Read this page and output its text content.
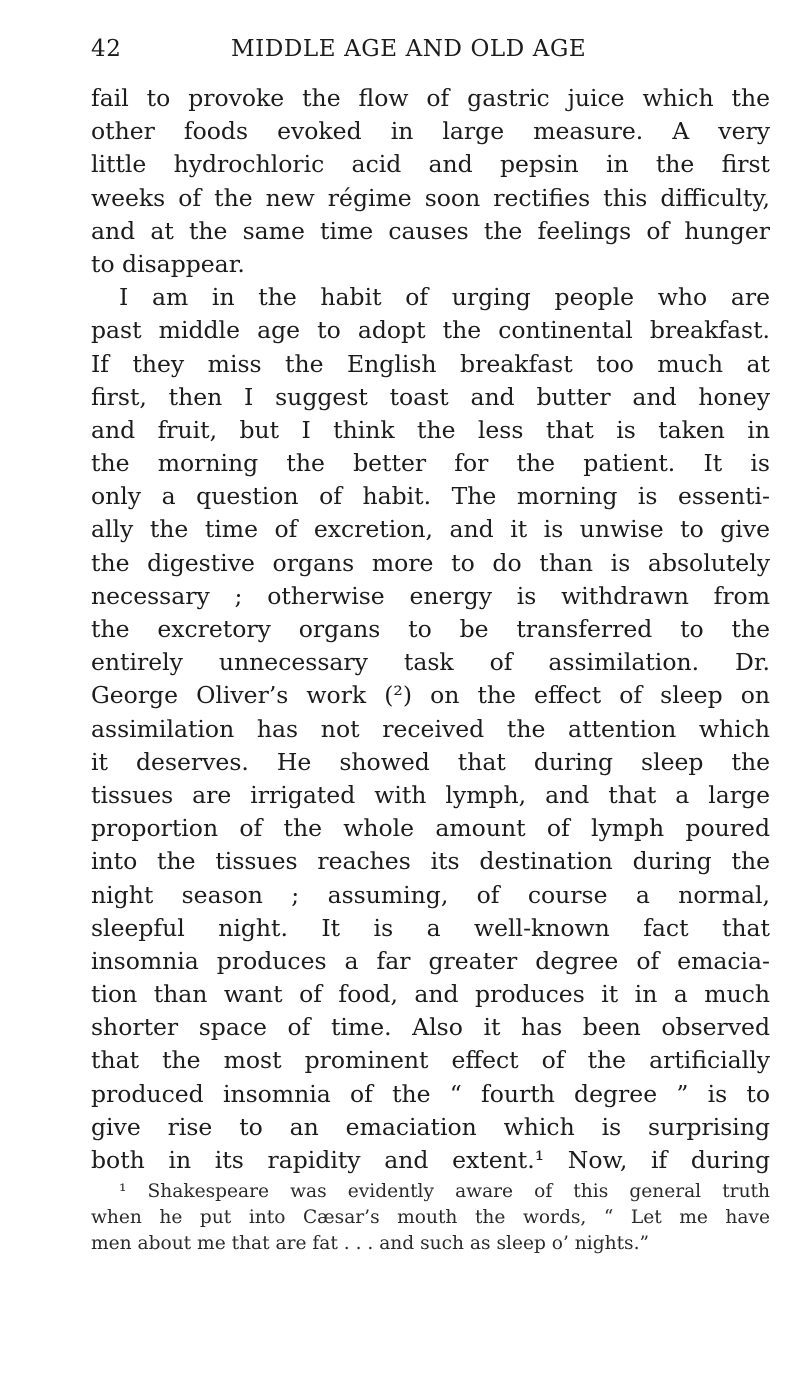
42	MIDDLE AGE AND OLD AGE
fail to provoke the flow of gastric juice which the
other foods evoked in large measure. A very
little hydrochloric acid and pepsin in the first
weeks of the new régime soon rectifies this difficulty,
and at the same time causes the feelings of hunger
to disappear.
I am in the habit of urging people who are
past middle age to adopt the continental breakfast.
If they miss the English breakfast too much at
first, then I suggest toast and butter and honey
and fruit, but I think the less that is taken in
the morning the better for the patient. It is
only a question of habit. The morning is essenti-
ally the time of excretion, and it is unwise to give
the digestive organs more to do than is absolutely
necessary ; otherwise energy is withdrawn from
the excretory organs to be transferred to the
entirely unnecessary task of assimilation. Dr.
George Oliver’s work (²) on the effect of sleep on
assimilation has not received the attention which
it deserves. He showed that during sleep the
tissues are irrigated with lymph, and that a large
proportion of the whole amount of lymph poured
into the tissues reaches its destination during the
night season ; assuming, of course a normal,
sleepful night. It is a well-known fact that
insomnia produces a far greater degree of emacia-
tion than want of food, and produces it in a much
shorter space of time. Also it has been observed
that the most prominent effect of the artificially
produced insomnia of the “ fourth degree ” is to
give rise to an emaciation which is surprising
both in its rapidity and extent.¹ Now, if during
¹ Shakespeare was evidently aware of this general truth
when he put into Cæsar’s mouth the words, “ Let me have
men about me that are fat . . . and such as sleep o’ nights.”
